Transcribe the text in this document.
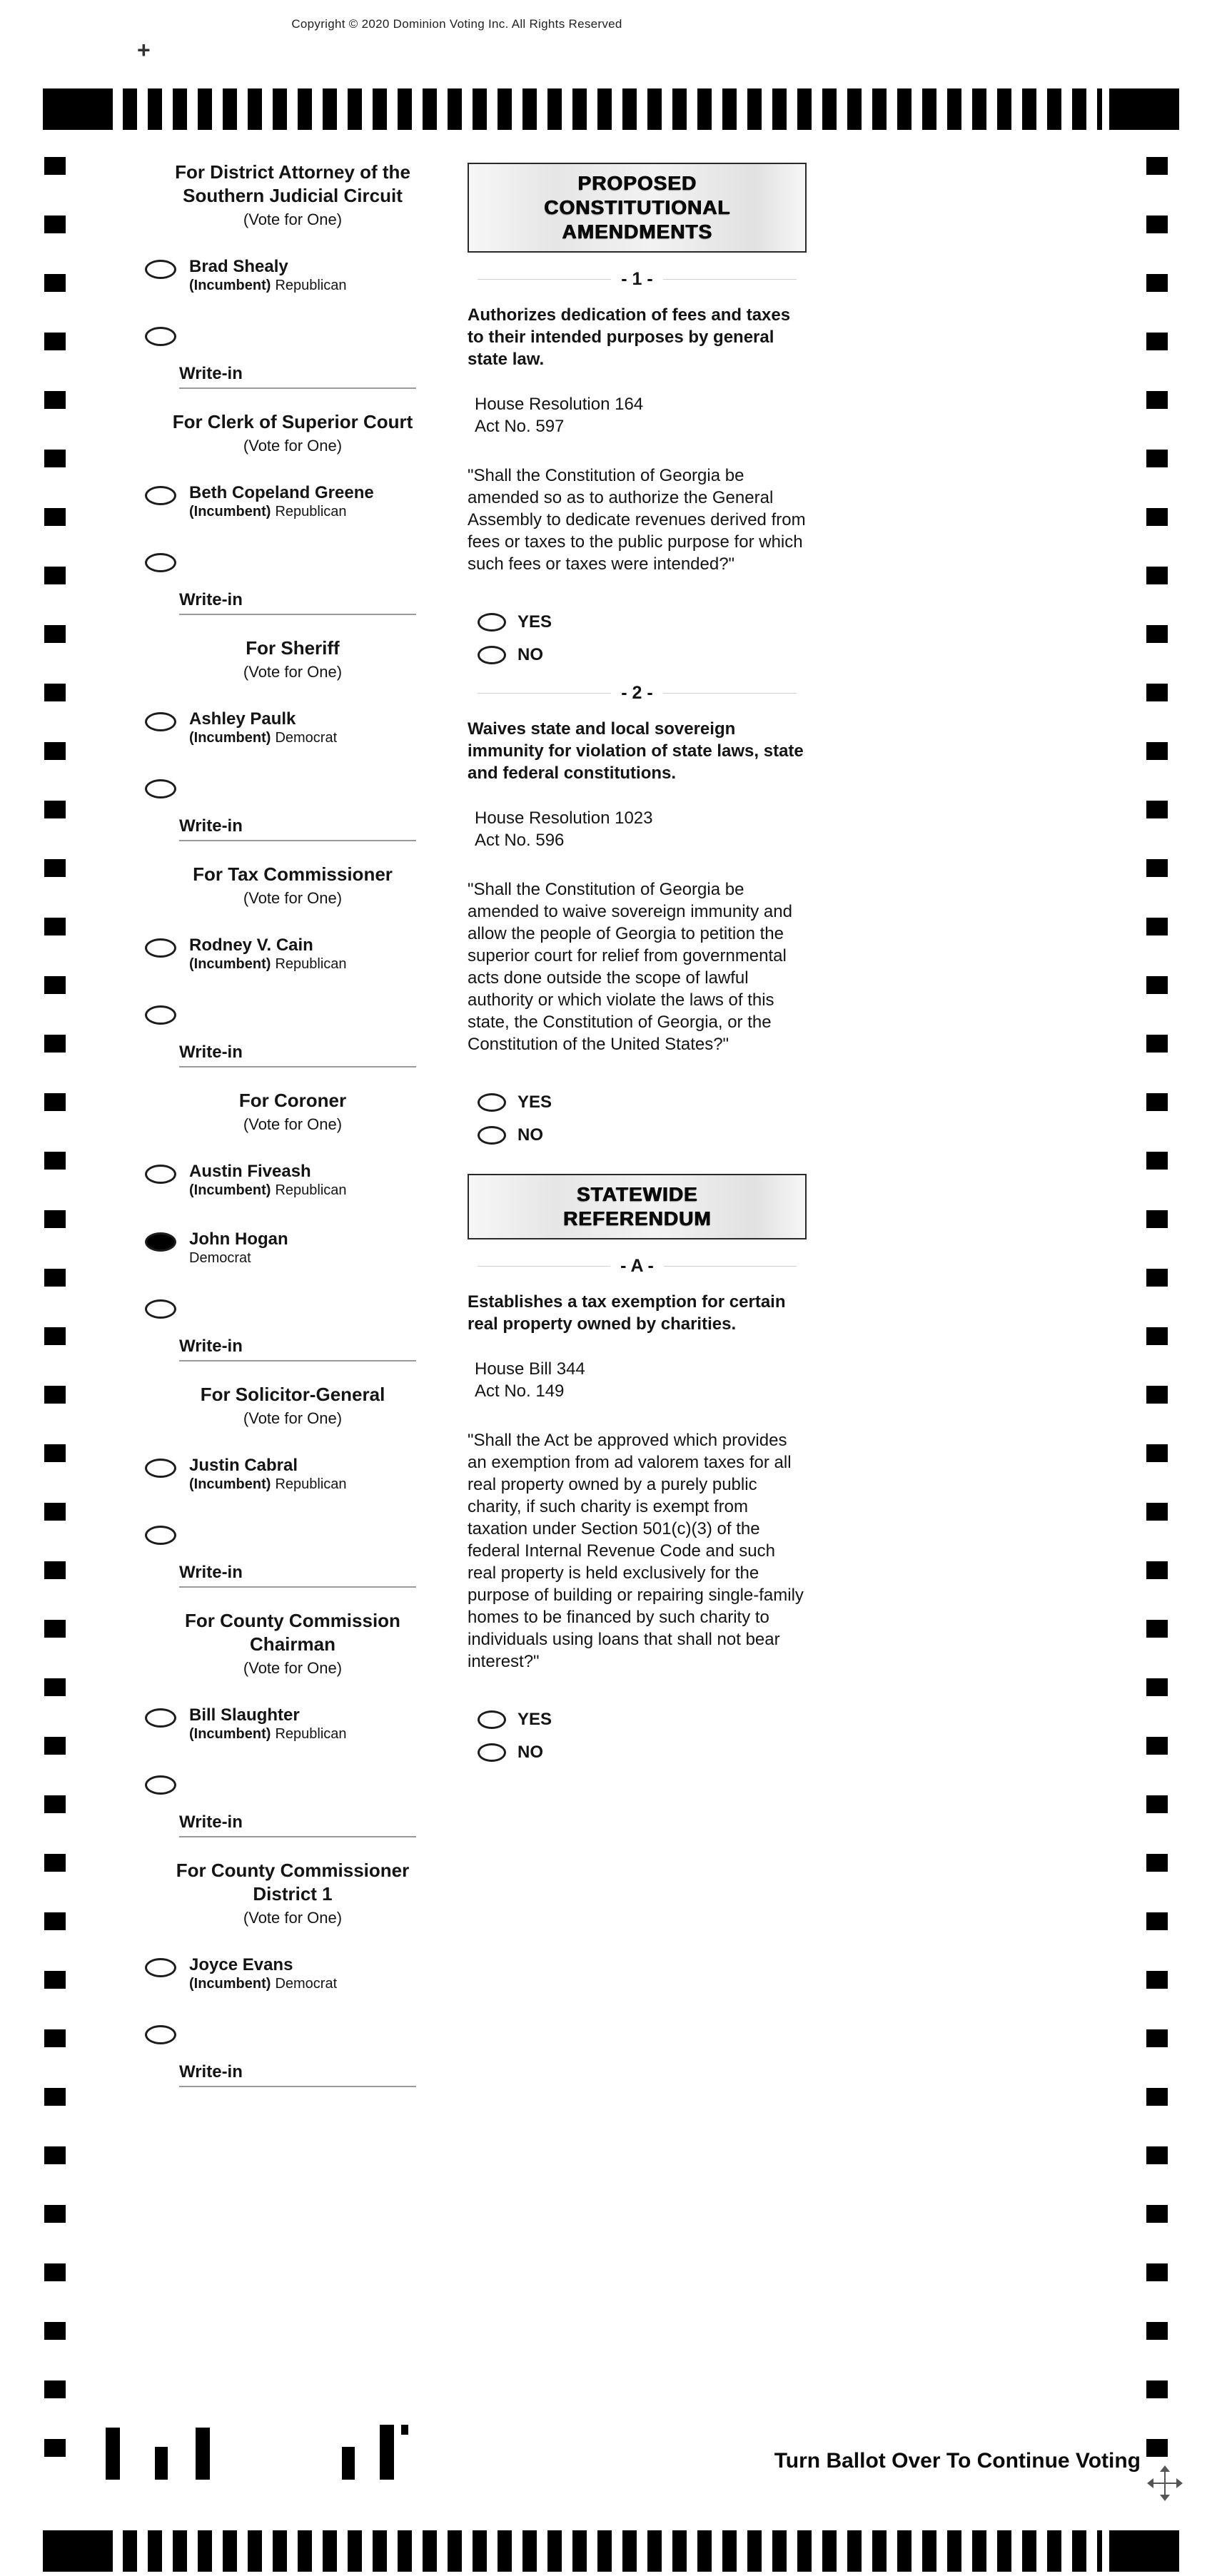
Copyright © 2020 Dominion Voting Inc. All Rights Reserved
+
For District Attorney of the
Southern Judicial Circuit
(Vote for One)
Brad Shealy
(Incumbent) Republican
Write-in
For Clerk of Superior Court
(Vote for One)
Beth Copeland Greene
(Incumbent) Republican
Write-in
For Sheriff
(Vote for One)
Ashley Paulk
(Incumbent) Democrat
Write-in
For Tax Commissioner
(Vote for One)
Rodney V. Cain
(Incumbent) Republican
Write-in
For Coroner
(Vote for One)
Austin Fiveash
(Incumbent) Republican
John Hogan
Democrat
Write-in
For Solicitor-General
(Vote for One)
Justin Cabral
(Incumbent) Republican
Write-in
For County Commission
Chairman
(Vote for One)
Bill Slaughter
(Incumbent) Republican
Write-in
For County Commissioner
District 1
(Vote for One)
Joyce Evans
(Incumbent) Democrat
Write-in
PROPOSED
CONSTITUTIONAL
AMENDMENTS
- 1 -

Authorizes dedication of fees and taxes to their intended purposes by general state law.

House Resolution 164
Act No. 597

"Shall the Constitution of Georgia be amended so as to authorize the General Assembly to dedicate revenues derived from fees or taxes to the public purpose for which such fees or taxes were intended?"

YES
NO
- 2 -

Waives state and local sovereign immunity for violation of state laws, state and federal constitutions.

House Resolution 1023
Act No. 596

"Shall the Constitution of Georgia be amended to waive sovereign immunity and allow the people of Georgia to petition the superior court for relief from governmental acts done outside the scope of lawful authority or which violate the laws of this state, the Constitution of Georgia, or the Constitution of the United States?"

YES
NO
STATEWIDE
REFERENDUM
- A -

Establishes a tax exemption for certain real property owned by charities.

House Bill 344
Act No. 149

"Shall the Act be approved which provides an exemption from ad valorem taxes for all real property owned by a purely public charity, if such charity is exempt from taxation under Section 501(c)(3) of the federal Internal Revenue Code and such real property is held exclusively for the purpose of building or repairing single-family homes to be financed by such charity to individuals using loans that shall not bear interest?"

YES
NO
Turn Ballot Over To Continue Voting
